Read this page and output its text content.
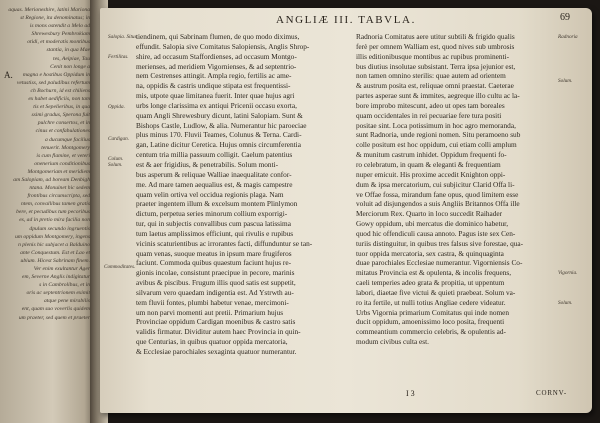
aquas. Merioneshire, latini Mariona
st Regione, ita denominatus; in
is mons ostendit a Melo ad
Shrewesbury Pembrokiam
otidi, et moderatis montibus
stantia, in qua Mae
tes, Aeipiae, Tau
Cenit non longe a
magna e hostibus Oppidum in
vetustiss, sed paludibus refertum
ch Bochurn, id est chiliens
ex habet aedificiis, non tam
tis et Sepelieribus, in qua
ssimi gradus, Sperona fuit
pulchre consertos, et in
cinus et confabulationes
a ducumque facilius
tenuerit. Montgomery
is cum flamine, et veteri
onenerium conditionibus
Montgomeriam et meridiem
am Salopiam, ad boream Denbigh
ntana. Monuinet hic sedem
frontibus circumscripta, sed
ntem, convallibus tamen gratis
bere, et pecudibus tum pecoribus
es, ad in pretio mira facilia non
dpulum secundo ingruentis
um oppidum Montgomery, ingens
n plenis hic subjacet a Balduino
ante Conquestum. Est et Lao et
ubium. Hicest Sabrinam finem.
Ver enim exultantur Ager
em, Severne Anglis indigitatur
s in Cambrolibus, et in
oris ac septentrionem eximit
atque pene mirabilis
ent, quam suo voverlis quidem
um praeter, sed quem et praeter
A.
ANGLIÆ III. TABVLA.	69
tiendinem, qui Sabrinam flumen, de quo modo diximus,
effundit. Salopia sive Comitatus Salopiensis, Anglis Shrop-
shire, ad occasum Staffordienses, ad occasum Montgo-
merienses, ad meridiem Vigornienses, & ad septentrio-
nem Cestrenses attingit. Ampla regio, fertilis ac ame-
na, oppidis & castris undique stipata est frequentissi-
mis, utpote quae limitanea fuerit. Inter quae hujus agri
urbs longe clarissima ex antiqui Pricenii occasu exorta,
quam Angli Shrewesbury dicunt, latini Salopiam. Sunt &
Bishops Castle, Ludlow, & alia. Numerantur hic paroeciae
plus minus 170. Fluvii Teames, Colunus & Terna. Cardi-
gan, Latine dicitur Ceretica. Hujus omnis circumferentia
centum tria millia passuum colligit. Caelum patentius
est & aer frigidius, & penetrabilis. Solum monti-
bus asperum & reliquae Walliae inaequalitate confor-
me. Ad mare tamen aequalius est, & magis campestre
quam velin ortiva vel occidua regionis plaga. Nam
praeter ingentem illum & excelsum montem Plinlymon
dictum, perpetua series minorum collium exporrigi-
tur, qui in subjectis convallibus cum pascua latissima
tum laetus amplissimos efficiunt, qui rivulis e rupibus
vicinis scaturientibus ac irrorantes facti, diffunduntur se tan-
quam venas, suoque meatus in ipsum mare frugiferos
faciunt. Commoda quibus quaestum faciunt hujus re-
gionis incolae, consistunt praecipue in pecore, marinis
avibus & piscibus. Frugum illis quod satis est suppetit,
silvarum vero quaedam indigentia est. Ad Ystrwth au-
tem fluvii fontes, plumbi habetur venae, mercimoni-
um non parvi momenti aut pretii. Primarium hujus
Provinciae oppidum Cardigan moenibus & castro satis
validis firmatur. Dividitur autem haec Provincia in quin-
que Centurias, in quibus quatuor oppida mercatoria,
& Ecclesiae parochiales sexaginta quatuor numerantur.
Radnoria Comitatus aere utitur subtili & frigido qualis
ferè per omnem Walliam est, quod nives sub umbrosis
illis editionibusque montibus ac rupibus prominenti-
bus diutius insolutae subsistant. Terra ipsa jejunior est,
non tamen omnino sterilis: quae autem ad orientem
& austrum posita est, reliquae omni praestat. Caeterae
partes asperae sunt & immites, aegreque illo cultu ac la-
bore improbo mitescunt, adeo ut opes tam boreales
quam occidentales in rei pecuariae fere tura positi
positae sint. Loca potissimum in hoc agro memoranda,
sunt Radnoria, unde regioni nomen. Situ peramoeno sub
colle positum est hoc oppidum, cui etiam colli amplum
& munitum castrum inhidet. Oppidum frequenti fo-
ro celebratum, in quam & eleganti & frequentiam
nuper emicuit. His proxime accedit Knighton oppi-
dum & ipsa mercatorium, cui subjicitur Clarid Offa li-
ve Offae fossa, mirandum fane opus, quod limitem esse
voluit ad disjungendos a suis Angliis Britannos Offa ille
Merciorum Rex. Quarto in loco succedit Raihader
Gowy oppidum, ubi mercatus die dominico habetur,
quod hic offendiculi causa annoto. Pagus iste sex Cen-
turiis distinguitur, in quibus tres falsus sive forestae, qua-
tuor oppida mercatoria, sex castra, & quinquaginta
duae parochiales Ecclesiae numerantur. Vigorniensis Co-
mitatus Provincia est & opulenta, & incolis frequens,
caeli temperies adeo grata & propitia, ut uppentum
labori, diaetae five victui & quieti praebeat. Solum va-
ro ita fertile, ut nulli totius Angliae cedere videatur.
Urbs Vigornia primarium Comitatus qui inde nomen
ducit oppidum, amoenissimo loco posita, frequenti
commeantium commercio celebris, & opulentis ad-
modum civibus culta est.
Salopia. Situs.
Fertilitas.
Oppida.
Cardigan.
Colum. Solum.
Commoditates.
Radnoria
Solum.
Vigornia.
Solum.
I 3	CORNV-
